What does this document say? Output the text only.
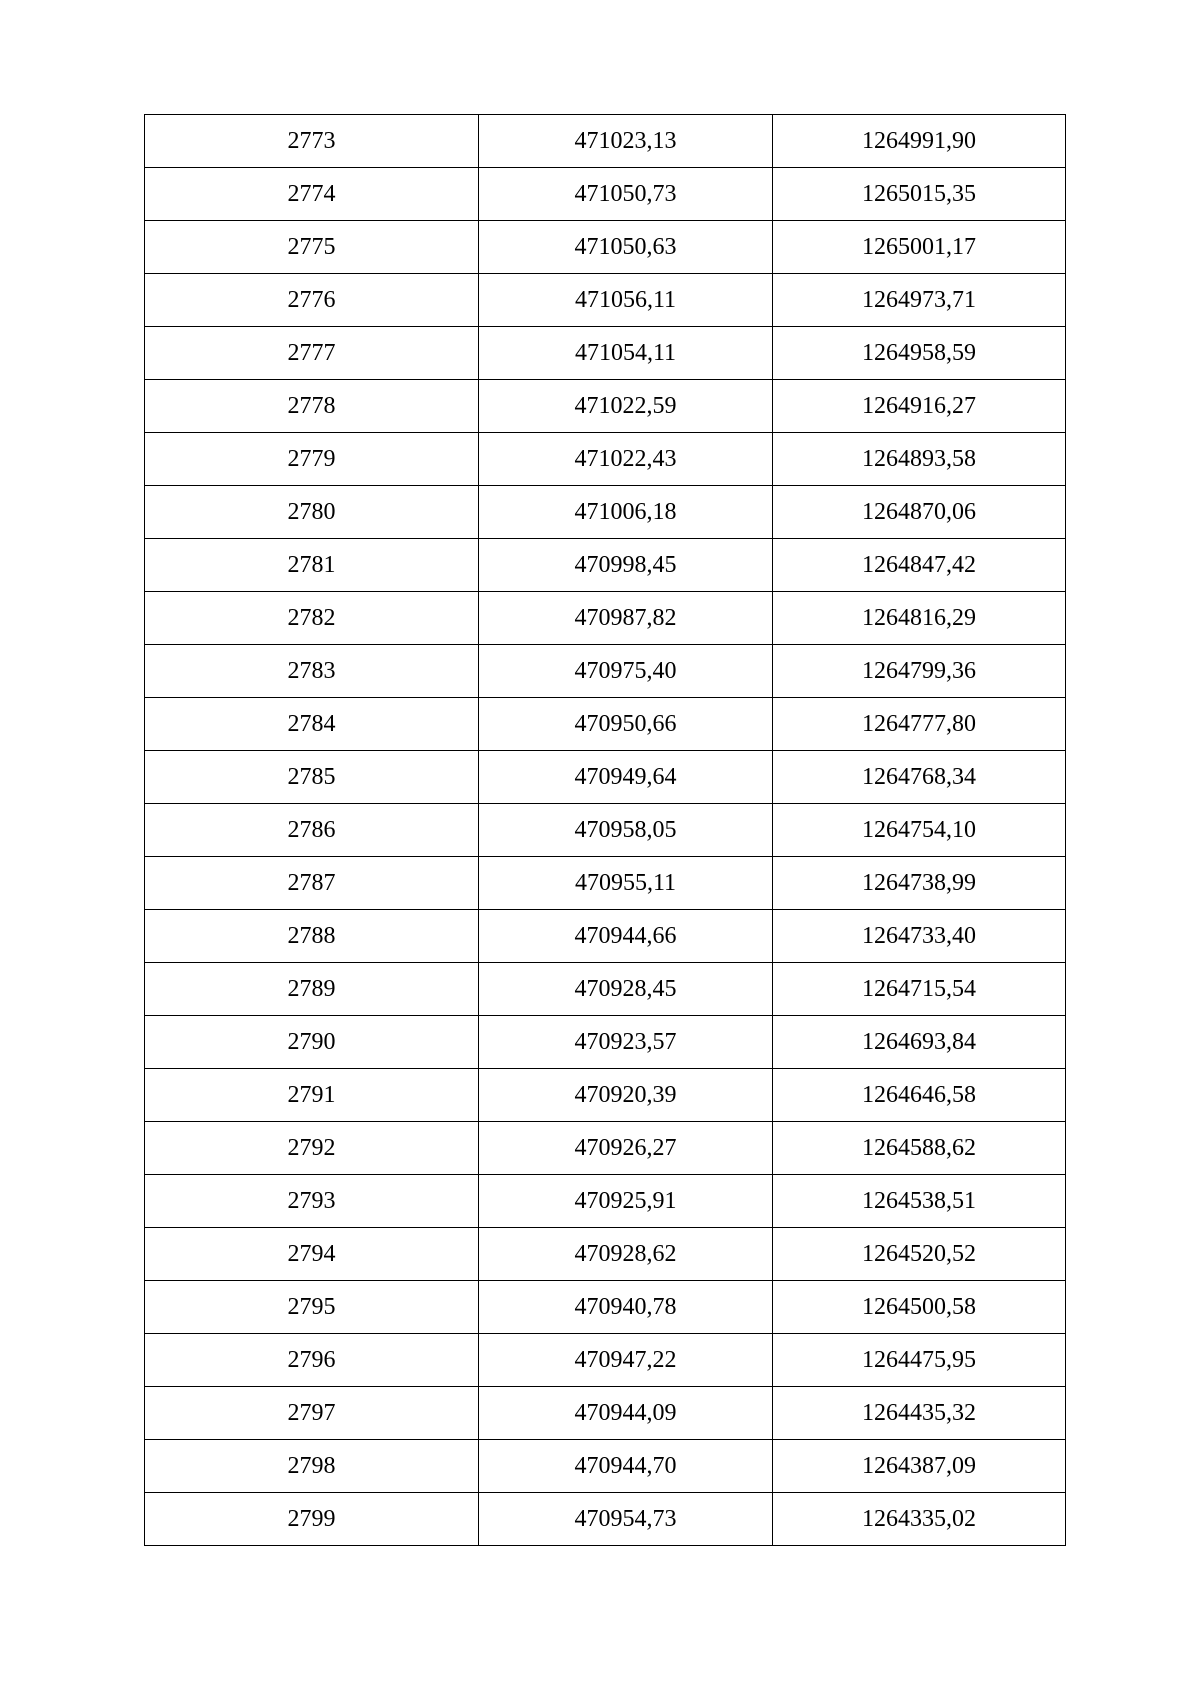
2773	471023,13	1264991,90
2774	471050,73	1265015,35
2775	471050,63	1265001,17
2776	471056,11	1264973,71
2777	471054,11	1264958,59
2778	471022,59	1264916,27
2779	471022,43	1264893,58
2780	471006,18	1264870,06
2781	470998,45	1264847,42
2782	470987,82	1264816,29
2783	470975,40	1264799,36
2784	470950,66	1264777,80
2785	470949,64	1264768,34
2786	470958,05	1264754,10
2787	470955,11	1264738,99
2788	470944,66	1264733,40
2789	470928,45	1264715,54
2790	470923,57	1264693,84
2791	470920,39	1264646,58
2792	470926,27	1264588,62
2793	470925,91	1264538,51
2794	470928,62	1264520,52
2795	470940,78	1264500,58
2796	470947,22	1264475,95
2797	470944,09	1264435,32
2798	470944,70	1264387,09
2799	470954,73	1264335,02
